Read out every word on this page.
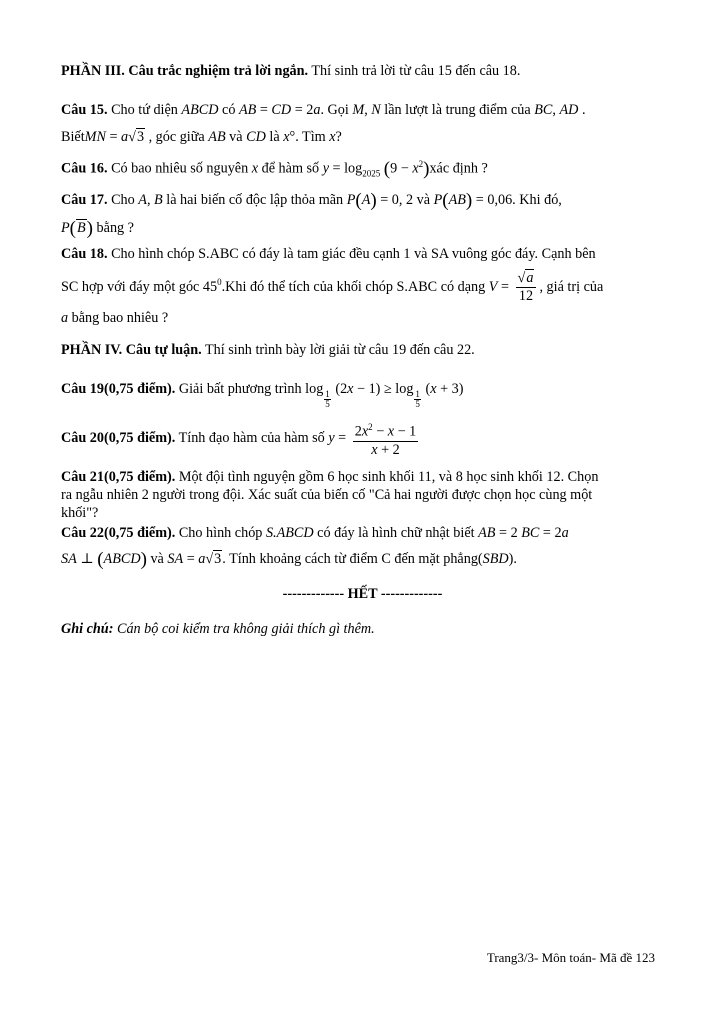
PHẦN III. Câu trắc nghiệm trả lời ngắn. Thí sinh trả lời từ câu 15 đến câu 18.
Câu 15. Cho tứ diện ABCD có AB = CD = 2a. Gọi M, N lần lượt là trung điểm của BC, AD .
BiếtMN = a√3 , góc giữa AB và CD là x°. Tìm x?
Câu 16. Có bao nhiêu số nguyên x để hàm số $y = \log_{2025} (9$ − $x^2)xác$ định ?
Câu 17. Cho A, B là hai biến cố độc lập thỏa mãn P(A) = 0, 2 và P(AB) = 0,06. Khi đó,
P(B) bằng ?
Câu 18. Cho hình chóp S.ABC có đáy là tam giác đều cạnh 1 và SA vuông góc đáy. Cạnh bên
SC hợp với đáy một góc $45^0.Khi$ đó thể tích của khối chóp S.ABC có dạng $V = \frac{√a}{12}$ , giá trị của
a bằng bao nhiêu ?
PHẦN IV. Câu tự luận. Thí sinh trình bày lời giải từ câu 19 đến câu 22.
Câu 19(0,75 điểm). Giải bất phương trình log
$\frac{1}{5}$
(2x − 1) ≥ log
$\frac{1}{5}$
(x + 3)
Câu 20(0,75 điểm). Tính đạo hàm của hàm số $y = \frac{2x^2 - x - 1}{x + 2}$
Câu 21(0,75 điểm). Một đội tình nguyện gồm 6 học sinh khối 11, và 8 học sinh khối 12. Chọn
ra ngẫu nhiên 2 người trong đội. Xác suất của biến cố "Cả hai người được chọn học cùng một
khối"?
Câu 22(0,75 điểm). Cho hình chóp S.ABCD có đáy là hình chữ nhật biết AB = 2 BC = 2a
SA ⊥ (ABCD) và SA = a√3. Tính khoảng cách từ điểm C đến mặt phẳng(SBD).
------------- HẾT -------------
Ghi chú: Cán bộ coi kiểm tra không giải thích gì thêm.
Trang3/3- Môn toán- Mã đề 123
